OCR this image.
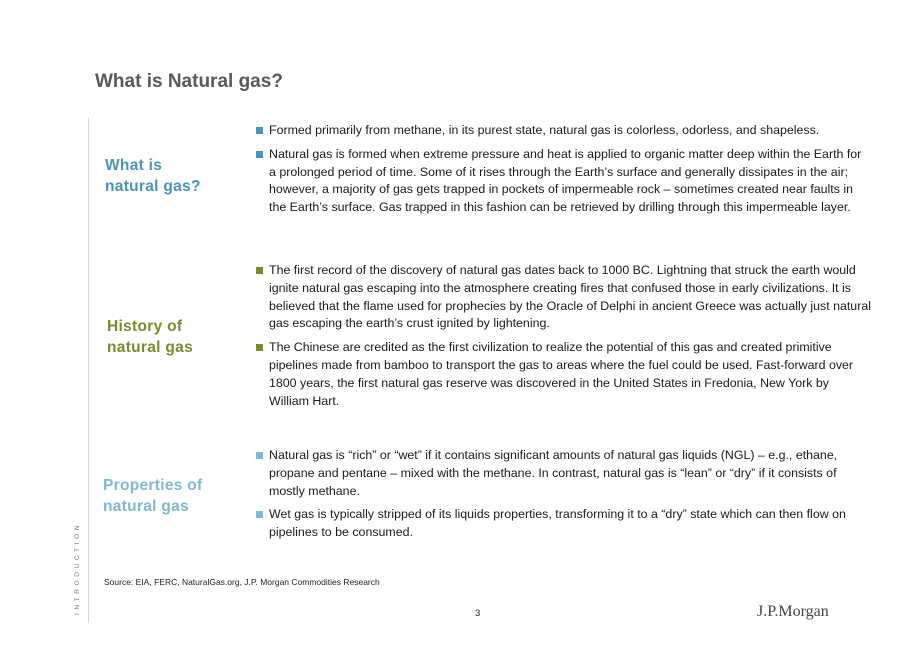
What is Natural gas?
INTRODUCTION
What is
natural gas?
Formed primarily from methane, in its purest state, natural gas is colorless, odorless, and shapeless.
Natural gas is formed when extreme pressure and heat is applied to organic matter deep within the Earth for a prolonged period of time. Some of it rises through the Earth’s surface and generally dissipates in the air; however, a majority of gas gets trapped in pockets of impermeable rock – sometimes created near faults in the Earth’s surface. Gas trapped in this fashion can be retrieved by drilling through this impermeable layer.
History of
natural gas
The first record of the discovery of natural gas dates back to 1000 BC. Lightning that struck the earth would ignite natural gas escaping into the atmosphere creating fires that confused those in early civilizations. It is believed that the flame used for prophecies by the Oracle of Delphi in ancient Greece was actually just natural gas escaping the earth’s crust ignited by lightening.
The Chinese are credited as the first civilization to realize the potential of this gas and created primitive pipelines made from bamboo to transport the gas to areas where the fuel could be used. Fast-forward over 1800 years, the first natural gas reserve was discovered in the United States in Fredonia, New York by William Hart.
Properties of
natural gas
Natural gas is “rich” or “wet” if it contains significant amounts of natural gas liquids (NGL) – e.g., ethane, propane and pentane – mixed with the methane. In contrast, natural gas is “lean” or “dry” if it consists of mostly methane.
Wet gas is typically stripped of its liquids properties, transforming it to a “dry” state which can then flow on pipelines to be consumed.
Source: EIA, FERC, NaturalGas.org, J.P. Morgan Commodities Research
3	J.P.Morgan
